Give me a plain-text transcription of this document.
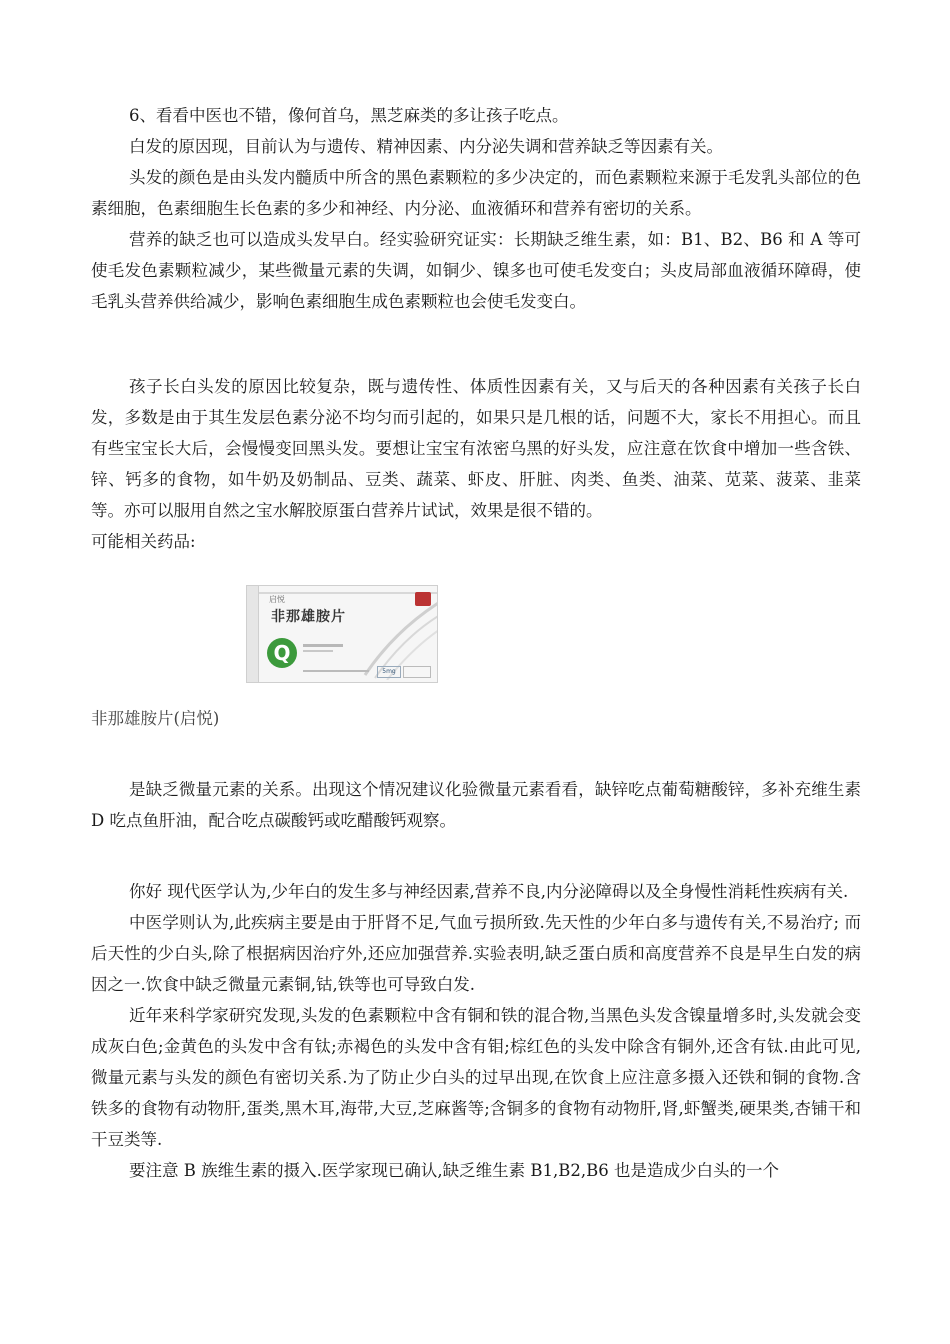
6、看看中医也不错，像何首乌，黑芝麻类的多让孩子吃点。

白发的原因现，目前认为与遗传、精神因素、内分泌失调和营养缺乏等因素有关。

头发的颜色是由头发内髓质中所含的黑色素颗粒的多少决定的，而色素颗粒来源于毛发乳头部位的色素细胞，色素细胞生长色素的多少和神经、内分泌、血液循环和营养有密切的关系。

营养的缺乏也可以造成头发早白。经实验研究证实：长期缺乏维生素，如：B1、B2、B6 和 A 等可使毛发色素颗粒减少，某些微量元素的失调，如铜少、镍多也可使毛发变白；头皮局部血液循环障碍，使毛乳头营养供给减少，影响色素细胞生成色素颗粒也会使毛发变白。

孩子长白头发的原因比较复杂，既与遗传性、体质性因素有关，又与后天的各种因素有关孩子长白发，多数是由于其生发层色素分泌不均匀而引起的，如果只是几根的话，问题不大，家长不用担心。而且有些宝宝长大后，会慢慢变回黑头发。要想让宝宝有浓密乌黑的好头发，应注意在饮食中增加一些含铁、锌、钙多的食物，如牛奶及奶制品、豆类、蔬菜、虾皮、肝脏、肉类、鱼类、油菜、苋菜、菠菜、韭菜等。亦可以服用自然之宝水解胶原蛋白营养片试试，效果是很不错的。

可能相关药品:

启悦
非那雄胺片
Q
5mg

非那雄胺片(启悦)

是缺乏微量元素的关系。出现这个情况建议化验微量元素看看，缺锌吃点葡萄糖酸锌，多补充维生素 D 吃点鱼肝油，配合吃点碳酸钙或吃醋酸钙观察。

你好 现代医学认为,少年白的发生多与神经因素,营养不良,内分泌障碍以及全身慢性消耗性疾病有关.

中医学则认为,此疾病主要是由于肝肾不足,气血亏损所致.先天性的少年白多与遗传有关,不易治疗; 而后天性的少白头,除了根据病因治疗外,还应加强营养.实验表明,缺乏蛋白质和高度营养不良是早生白发的病因之一.饮食中缺乏微量元素铜,钴,铁等也可导致白发.

近年来科学家研究发现,头发的色素颗粒中含有铜和铁的混合物,当黑色头发含镍量增多时,头发就会变成灰白色;金黄色的头发中含有钛;赤褐色的头发中含有钼;棕红色的头发中除含有铜外,还含有钛.由此可见,微量元素与头发的颜色有密切关系.为了防止少白头的过早出现,在饮食上应注意多摄入还铁和铜的食物.含铁多的食物有动物肝,蛋类,黑木耳,海带,大豆,芝麻酱等;含铜多的食物有动物肝,肾,虾蟹类,硬果类,杏铺干和干豆类等.

要注意 B 族维生素的摄入.医学家现已确认,缺乏维生素 B1,B2,B6 也是造成少白头的一个
